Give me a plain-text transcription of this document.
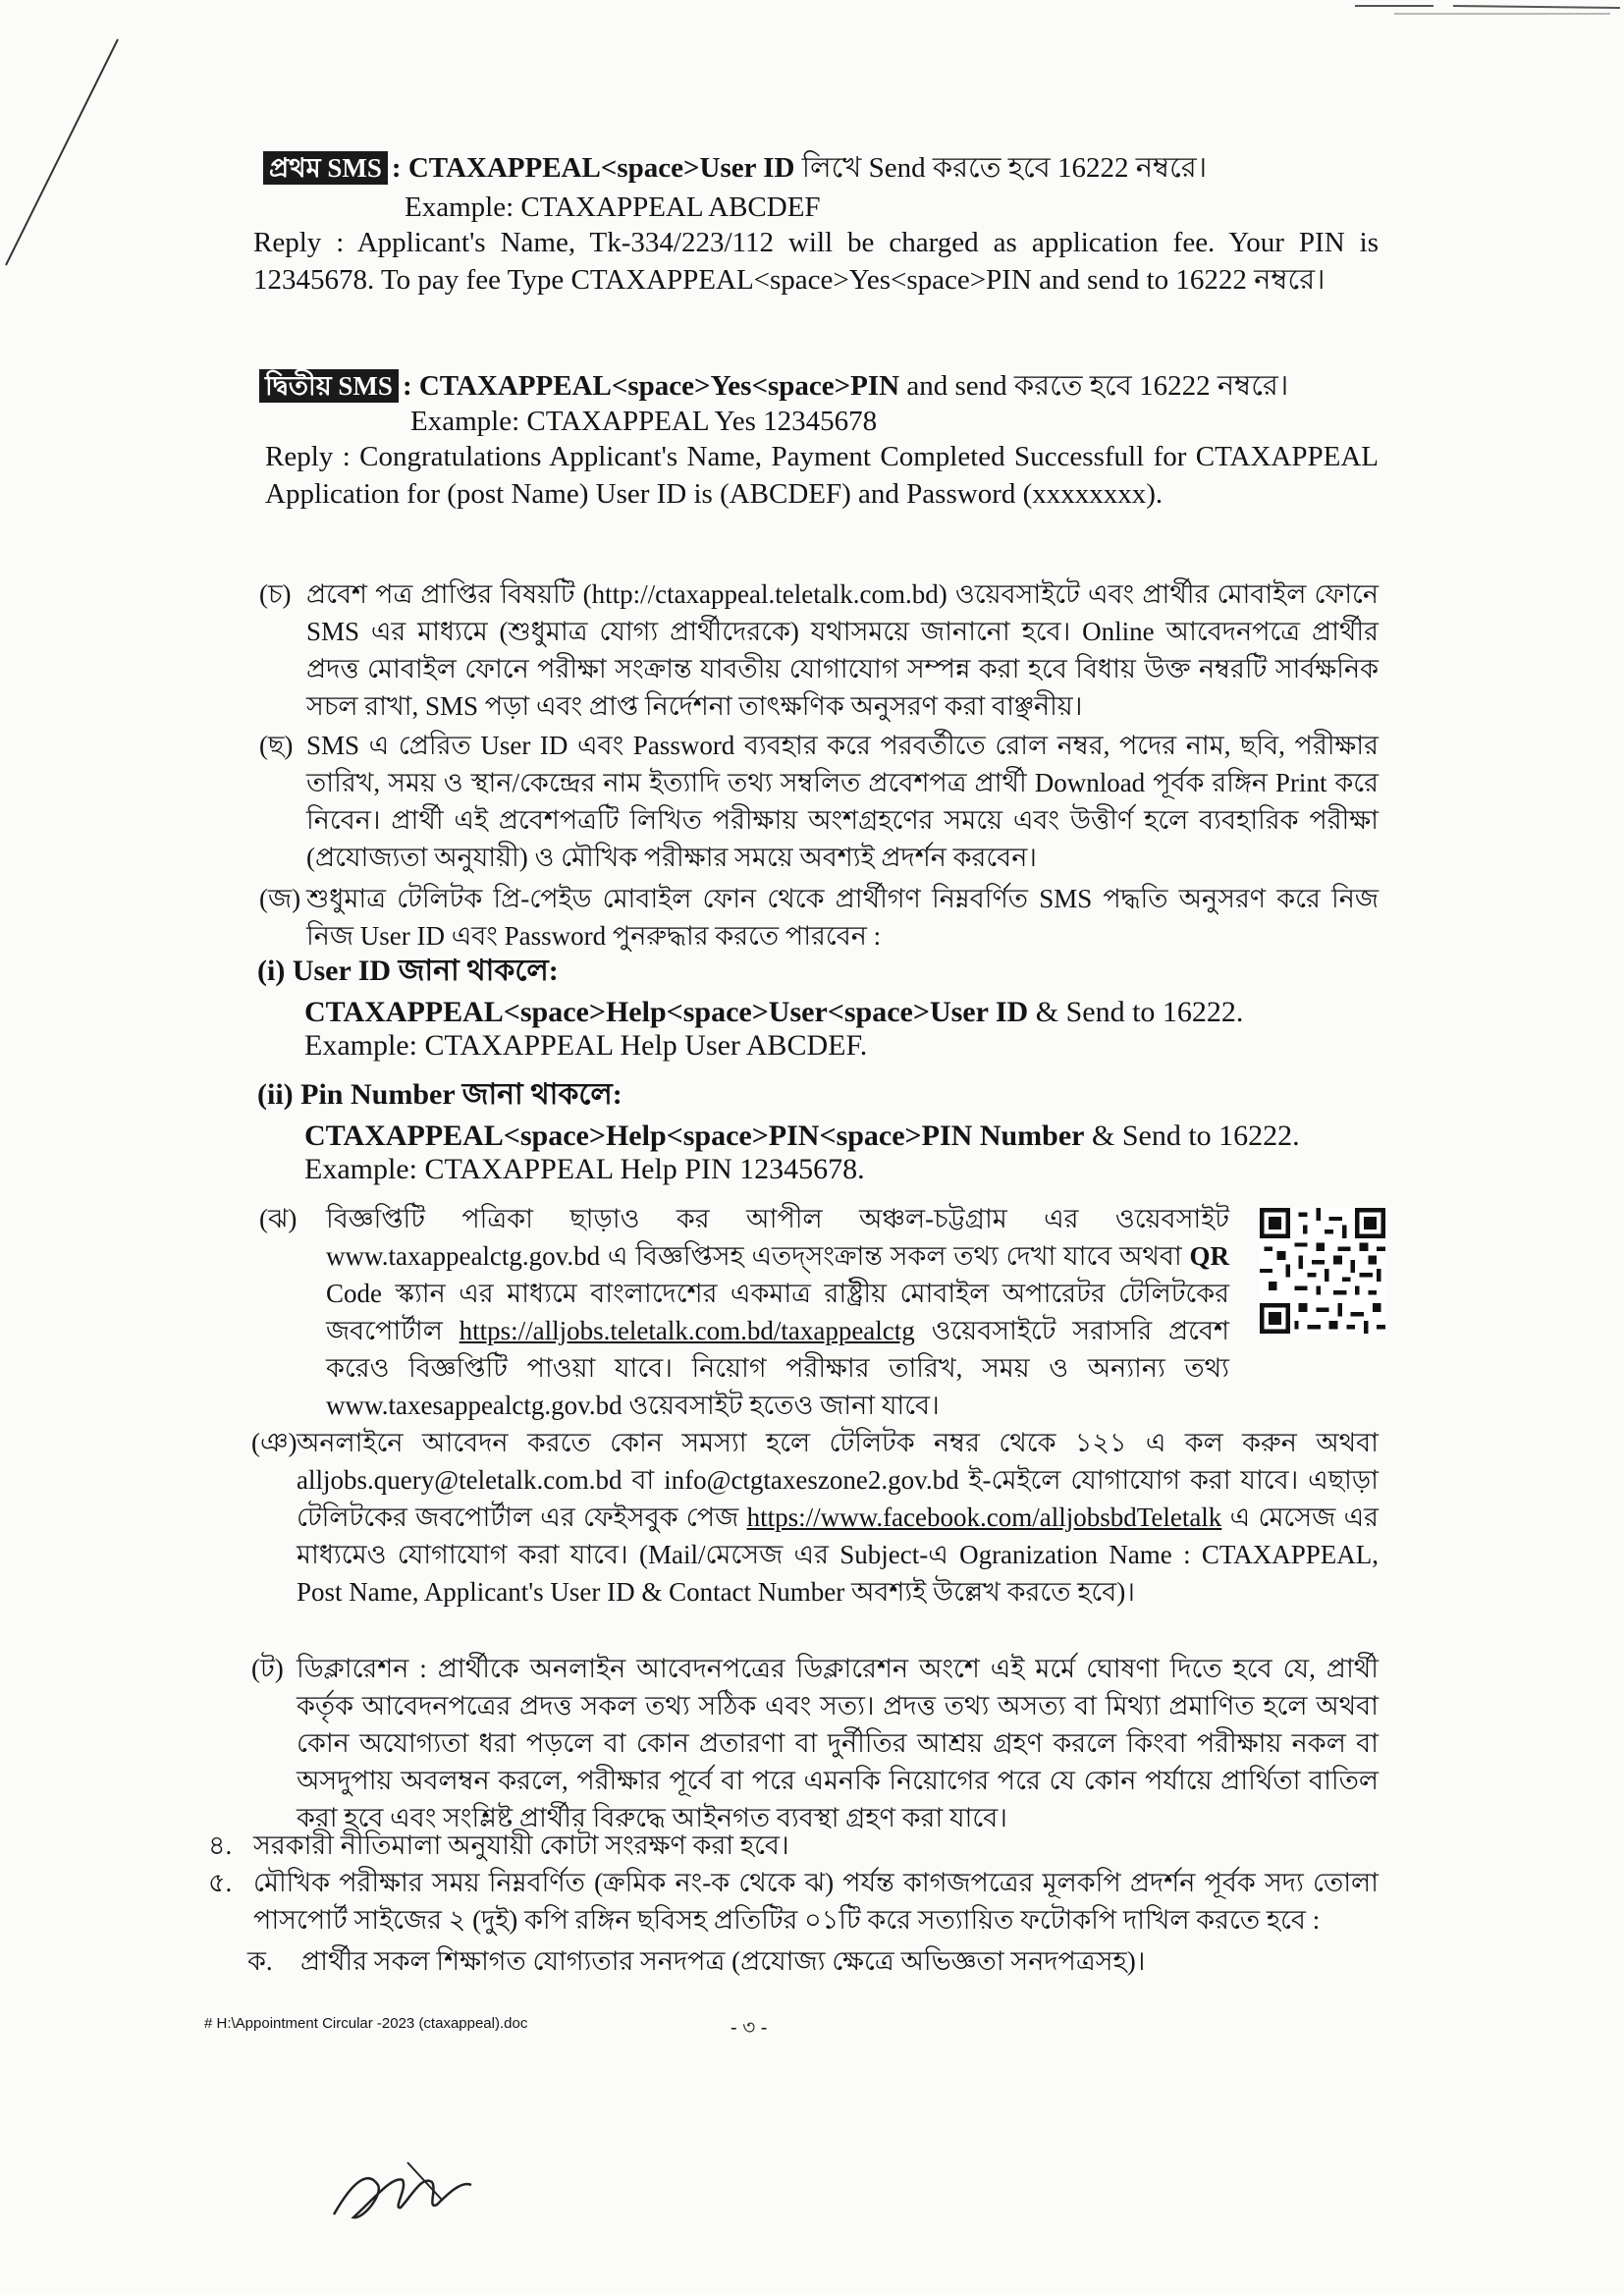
প্রথম SMS : CTAXAPPEAL<space>User ID লিখে Send করতে হবে 16222 নম্বরে।
Example: CTAXAPPEAL ABCDEF
Reply : Applicant's Name, Tk-334/223/112 will be charged as application fee. Your PIN is 12345678. To pay fee Type CTAXAPPEAL<space>Yes<space>PIN and send to 16222 নম্বরে।
দ্বিতীয় SMS : CTAXAPPEAL<space>Yes<space>PIN and send করতে হবে 16222 নম্বরে।
Example: CTAXAPPEAL Yes 12345678
Reply : Congratulations Applicant's Name, Payment Completed Successfull for CTAXAPPEAL Application for (post Name) User ID is (ABCDEF) and Password (xxxxxxxx).
(চ) প্রবেশ পত্র প্রাপ্তির বিষয়টি (http://ctaxappeal.teletalk.com.bd) ওয়েবসাইটে এবং প্রার্থীর মোবাইল ফোনে SMS এর মাধ্যমে (শুধুমাত্র যোগ্য প্রার্থীদেরকে) যথাসময়ে জানানো হবে। Online আবেদনপত্রে প্রার্থীর প্রদত্ত মোবাইল ফোনে পরীক্ষা সংক্রান্ত যাবতীয় যোগাযোগ সম্পন্ন করা হবে বিধায় উক্ত নম্বরটি সার্বক্ষনিক সচল রাখা, SMS পড়া এবং প্রাপ্ত নির্দেশনা তাৎক্ষণিক অনুসরণ করা বাঞ্ছনীয়।
(ছ) SMS এ প্রেরিত User ID এবং Password ব্যবহার করে পরবর্তীতে রোল নম্বর, পদের নাম, ছবি, পরীক্ষার তারিখ, সময় ও স্থান/কেন্দ্রের নাম ইত্যাদি তথ্য সম্বলিত প্রবেশপত্র প্রার্থী Download পূর্বক রঙ্গিন Print করে নিবেন। প্রার্থী এই প্রবেশপত্রটি লিখিত পরীক্ষায় অংশগ্রহণের সময়ে এবং উত্তীর্ণ হলে ব্যবহারিক পরীক্ষা (প্রযোজ্যতা অনুযায়ী) ও মৌখিক পরীক্ষার সময়ে অবশ্যই প্রদর্শন করবেন।
(জ) শুধুমাত্র টেলিটক প্রি-পেইড মোবাইল ফোন থেকে প্রার্থীগণ নিম্নবর্ণিত SMS পদ্ধতি অনুসরণ করে নিজ নিজ User ID এবং Password পুনরুদ্ধার করতে পারবেন :
(i) User ID জানা থাকলে:
CTAXAPPEAL<space>Help<space>User<space>User ID & Send to 16222.
Example: CTAXAPPEAL Help User ABCDEF.
(ii) Pin Number জানা থাকলে:
CTAXAPPEAL<space>Help<space>PIN<space>PIN Number & Send to 16222.
Example: CTAXAPPEAL Help PIN 12345678.
(ঝ) বিজ্ঞপ্তিটি পত্রিকা ছাড়াও কর আপীল অঞ্চল-চট্টগ্রাম এর ওয়েবসাইট www.taxappealctg.gov.bd এ বিজ্ঞপ্তিসহ এতদ্‌সংক্রান্ত সকল তথ্য দেখা যাবে অথবা QR Code স্ক্যান এর মাধ্যমে বাংলাদেশের একমাত্র রাষ্ট্রীয় মোবাইল অপারেটর টেলিটকের জবপোর্টাল https://alljobs.teletalk.com.bd/taxappealctg ওয়েবসাইটে সরাসরি প্রবেশ করেও বিজ্ঞপ্তিটি পাওয়া যাবে। নিয়োগ পরীক্ষার তারিখ, সময় ও অন্যান্য তথ্য www.taxesappealctg.gov.bd ওয়েবসাইট হতেও জানা যাবে।
(ঞ) অনলাইনে আবেদন করতে কোন সমস্যা হলে টেলিটক নম্বর থেকে ১২১ এ কল করুন অথবা alljobs.query@teletalk.com.bd বা info@ctgtaxeszone2.gov.bd ই-মেইলে যোগাযোগ করা যাবে। এছাড়া টেলিটকের জবপোর্টাল এর ফেইসবুক পেজ https://www.facebook.com/alljobsbdTeletalk এ মেসেজ এর মাধ্যমেও যোগাযোগ করা যাবে। (Mail/মেসেজ এর Subject-এ Ogranization Name : CTAXAPPEAL, Post Name, Applicant's User ID & Contact Number অবশ্যই উল্লেখ করতে হবে)।
(ট) ডিক্লারেশন : প্রার্থীকে অনলাইন আবেদনপত্রের ডিক্লারেশন অংশে এই মর্মে ঘোষণা দিতে হবে যে, প্রার্থী কর্তৃক আবেদনপত্রের প্রদত্ত সকল তথ্য সঠিক এবং সত্য। প্রদত্ত তথ্য অসত্য বা মিথ্যা প্রমাণিত হলে অথবা কোন অযোগ্যতা ধরা পড়লে বা কোন প্রতারণা বা দুর্নীতির আশ্রয় গ্রহণ করলে কিংবা পরীক্ষায় নকল বা অসদুপায় অবলম্বন করলে, পরীক্ষার পূর্বে বা পরে এমনকি নিয়োগের পরে যে কোন পর্যায়ে প্রার্থিতা বাতিল করা হবে এবং সংশ্লিষ্ট প্রার্থীর বিরুদ্ধে আইনগত ব্যবস্থা গ্রহণ করা যাবে।
৪. সরকারী নীতিমালা অনুযায়ী কোটা সংরক্ষণ করা হবে।
৫. মৌখিক পরীক্ষার সময় নিম্নবর্ণিত (ক্রমিক নং-ক থেকে ঝ) পর্যন্ত কাগজপত্রের মূলকপি প্রদর্শন পূর্বক সদ্য তোলা পাসপোর্ট সাইজের ২ (দুই) কপি রঙ্গিন ছবিসহ প্রতিটির ০১টি করে সত্যায়িত ফটোকপি দাখিল করতে হবে :
ক. প্রার্থীর সকল শিক্ষাগত যোগ্যতার সনদপত্র (প্রযোজ্য ক্ষেত্রে অভিজ্ঞতা সনদপত্রসহ)।
# H:\Appointment Circular -2023 (ctaxappeal).doc	- ৩ -
